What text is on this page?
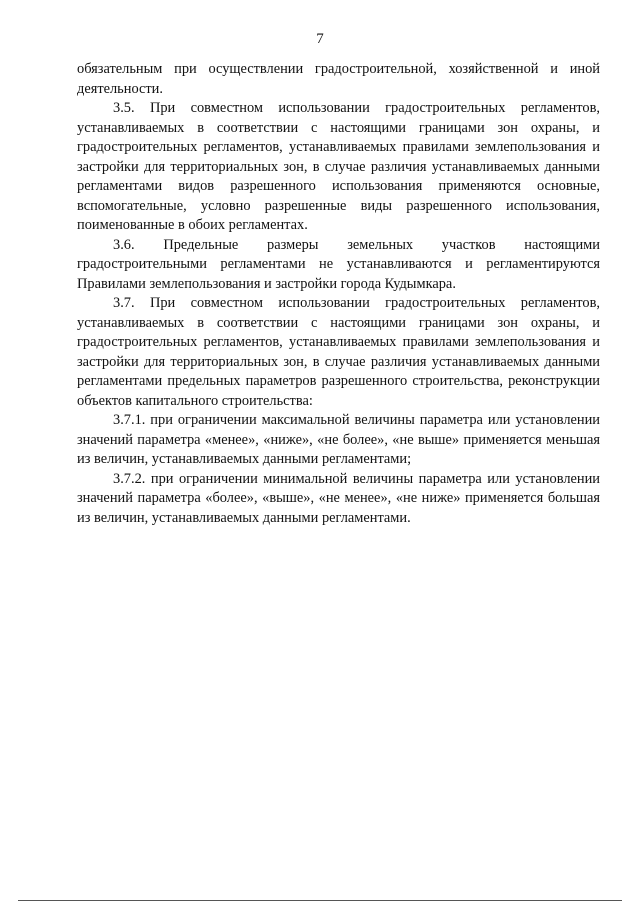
7

обязательным при осуществлении градостроительной, хозяйственной и иной деятельности.

3.5. При совместном использовании градостроительных регламентов, устанавливаемых в соответствии с настоящими границами зон охраны, и градостроительных регламентов, устанавливаемых правилами землепользования и застройки для территориальных зон, в случае различия устанавливаемых данными регламентами видов разрешенного использования применяются основные, вспомогательные, условно разрешенные виды разрешенного использования, поименованные в обоих регламентах.

3.6. Предельные размеры земельных участков настоящими градостроительными регламентами не устанавливаются и регламентируются Правилами землепользования и застройки города Кудымкара.

3.7. При совместном использовании градостроительных регламентов, устанавливаемых в соответствии с настоящими границами зон охраны, и градостроительных регламентов, устанавливаемых правилами землепользования и застройки для территориальных зон, в случае различия устанавливаемых данными регламентами предельных параметров разрешенного строительства, реконструкции объектов капитального строительства:

3.7.1. при ограничении максимальной величины параметра или установлении значений параметра «менее», «ниже», «не более», «не выше» применяется меньшая из величин, устанавливаемых данными регламентами;

3.7.2. при ограничении минимальной величины параметра или установлении значений параметра «более», «выше», «не менее», «не ниже» применяется большая из величин, устанавливаемых данными регламентами.
